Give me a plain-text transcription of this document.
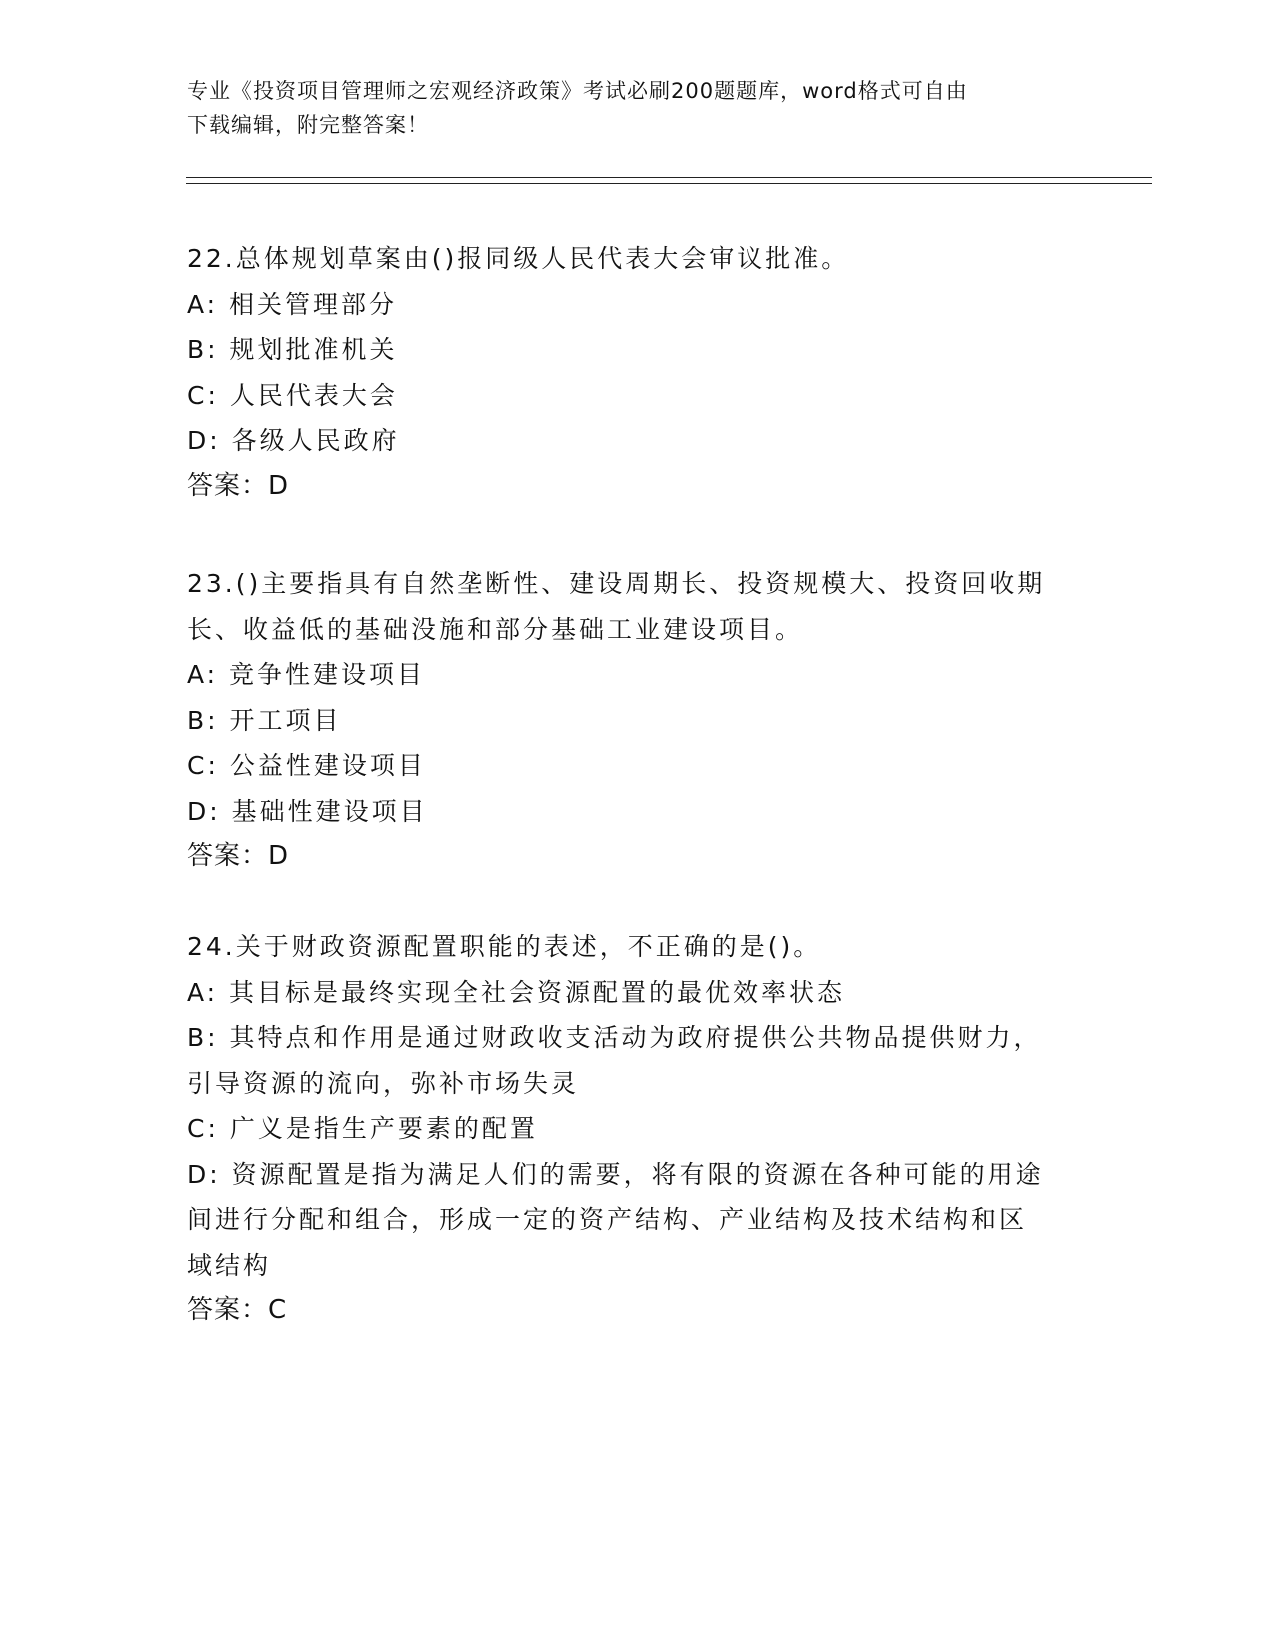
专业《投资项目管理师之宏观经济政策》考试必刷200题题库，word格式可自由
下载编辑，附完整答案！
22.总体规划草案由()报同级人民代表大会审议批准。
A: 相关管理部分
B: 规划批准机关
C: 人民代表大会
D: 各级人民政府
答案：D
23.()主要指具有自然垄断性、建设周期长、投资规模大、投资回收期
长、收益低的基础没施和部分基础工业建设项目。
A: 竞争性建设项目
B: 开工项目
C: 公益性建设项目
D: 基础性建设项目
答案：D
24.关于财政资源配置职能的表述，不正确的是()。
A: 其目标是最终实现全社会资源配置的最优效率状态
B: 其特点和作用是通过财政收支活动为政府提供公共物品提供财力，
引导资源的流向，弥补市场失灵
C: 广义是指生产要素的配置
D: 资源配置是指为满足人们的需要，将有限的资源在各种可能的用途
间进行分配和组合，形成一定的资产结构、产业结构及技术结构和区
域结构
答案：C
